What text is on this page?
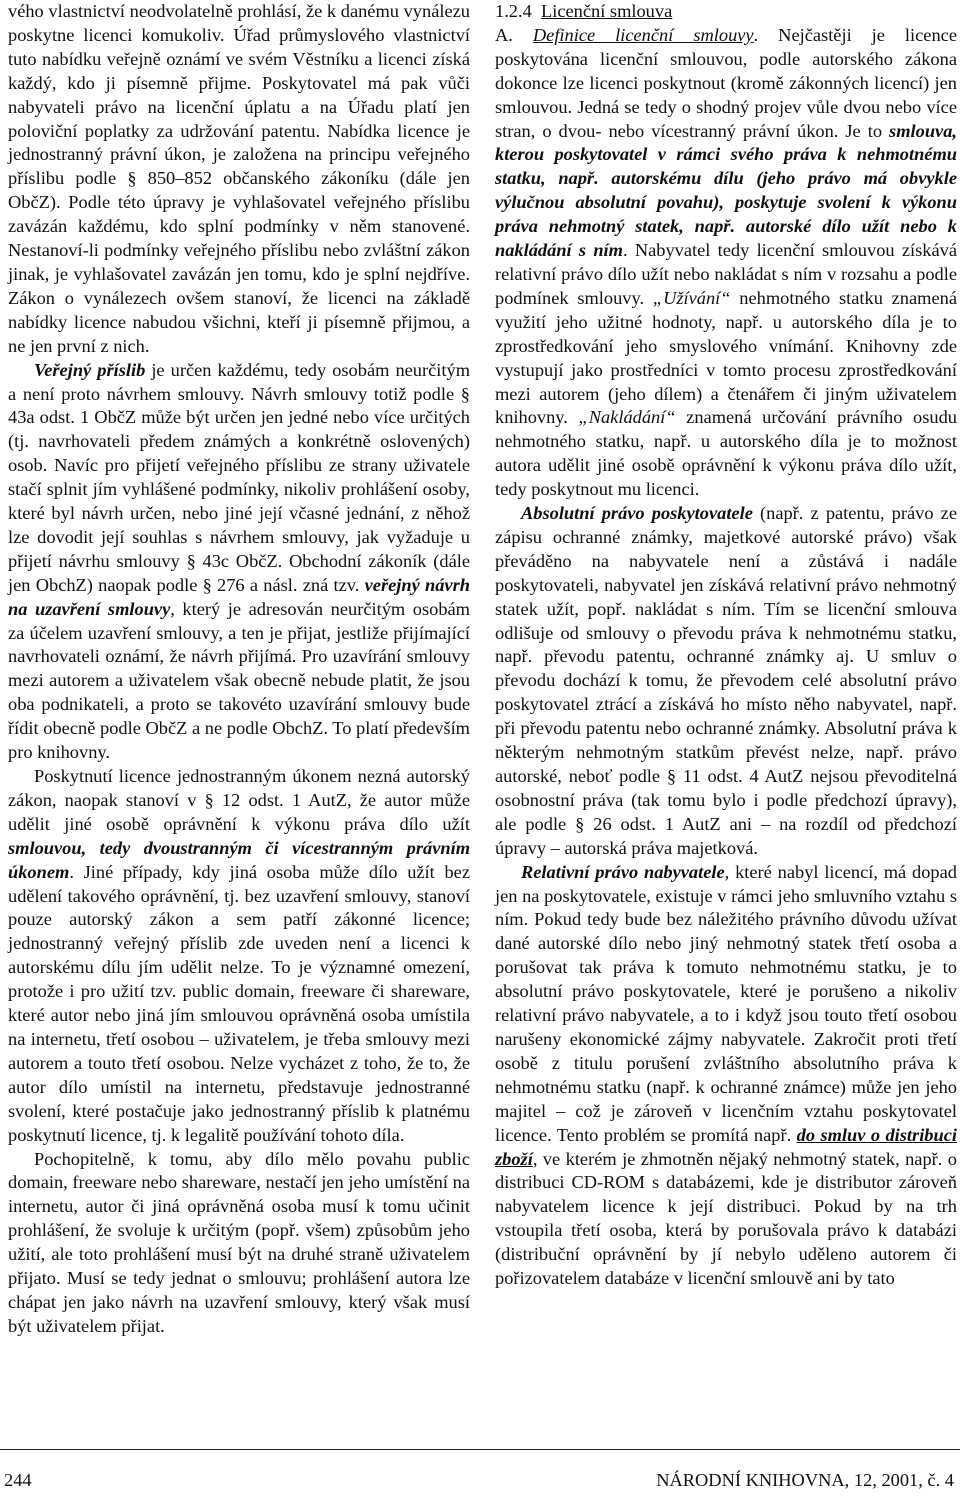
vého vlastnictví neodvolatelně prohlásí, že k danému vynálezu poskytne licenci komukoliv. Úřad průmyslového vlastnictví tuto nabídku veřejně oznámí ve svém Věstníku a licenci získá každý, kdo ji písemně přijme. Poskytovatel má pak vůči nabyvateli právo na licenční úplatu a na Úřadu platí jen poloviční poplatky za udržování patentu. Nabídka licence je jednostranný právní úkon, je založena na principu veřejného příslibu podle § 850–852 občanského zákoníku (dále jen ObčZ). Podle této úpravy je vyhlašovatel veřejného příslibu zavázán každému, kdo splní podmínky v něm stanovené. Nestanoví-li podmínky veřejného příslibu nebo zvláštní zákon jinak, je vyhlašovatel zavázán jen tomu, kdo je splní nejdříve. Zákon o vynálezech ovšem stanoví, že licenci na základě nabídky licence nabudou všichni, kteří ji písemně přijmou, a ne jen první z nich.

Veřejný příslib je určen každému, tedy osobám neurčitým a není proto návrhem smlouvy. Návrh smlouvy totiž podle § 43a odst. 1 ObčZ může být určen jen jedné nebo více určitých (tj. navrhovateli předem známých a konkrétně oslovených) osob. Navíc pro přijetí veřejného příslibu ze strany uživatele stačí splnit jím vyhlášené podmínky, nikoliv prohlášení osoby, které byl návrh určen, nebo jiné její včasné jednání, z něhož lze dovodit její souhlas s návrhem smlouvy, jak vyžaduje u přijetí návrhu smlouvy § 43c ObčZ. Obchodní zákoník (dále jen ObchZ) naopak podle § 276 a násl. zná tzv. veřejný návrh na uzavření smlouvy, který je adresován neurčitým osobám za účelem uzavření smlouvy, a ten je přijat, jestliže přijímající navrhovateli oznámí, že návrh přijímá. Pro uzavírání smlouvy mezi autorem a uživatelem však obecně nebude platit, že jsou oba podnikateli, a proto se takovéto uzavírání smlouvy bude řídit obecně podle ObčZ a ne podle ObchZ. To platí především pro knihovny.

Poskytnutí licence jednostranným úkonem nezná autorský zákon, naopak stanoví v § 12 odst. 1 AutZ, že autor může udělit jiné osobě oprávnění k výkonu práva dílo užít smlouvou, tedy dvoustranným či vícestranným právním úkonem. Jiné případy, kdy jiná osoba může dílo užít bez udělení takového oprávnění, tj. bez uzavření smlouvy, stanoví pouze autorský zákon a sem patří zákonné licence; jednostranný veřejný příslib zde uveden není a licenci k autorskému dílu jím udělit nelze. To je významné omezení, protože i pro užití tzv. public domain, freeware či shareware, které autor nebo jiná jím smlouvou oprávněná osoba umístila na internetu, třetí osobou – uživatelem, je třeba smlouvy mezi autorem a touto třetí osobou. Nelze vycházet z toho, že to, že autor dílo umístil na internetu, představuje jednostranné svolení, které postačuje jako jednostranný příslib k platnému poskytnutí licence, tj. k legalitě používání tohoto díla.

Pochopitelně, k tomu, aby dílo mělo povahu public domain, freeware nebo shareware, nestačí jen jeho umístění na internetu, autor či jiná oprávněná osoba musí k tomu učinit prohlášení, že svoluje k určitým (popř. všem) způsobům jeho užití, ale toto prohlášení musí být na druhé straně uživatelem přijato. Musí se tedy jednat o smlouvu; prohlášení autora lze chápat jen jako návrh na uzavření smlouvy, který však musí být uživatelem přijat.

1.2.4 Licenční smlouva

A. Definice licenční smlouvy. Nejčastěji je licence poskytována licenční smlouvou, podle autorského zákona dokonce lze licenci poskytnout (kromě zákonných licencí) jen smlouvou. Jedná se tedy o shodný projev vůle dvou nebo více stran, o dvou- nebo vícestranný právní úkon. Je to smlouva, kterou poskytovatel v rámci svého práva k nehmotnému statku, např. autorskému dílu (jeho právo má obvykle výlučnou absolutní povahu), poskytuje svolení k výkonu práva nehmotný statek, např. autorské dílo užít nebo k nakládání s ním. Nabyvatel tedy licenční smlouvou získává relativní právo dílo užít nebo nakládat s ním v rozsahu a podle podmínek smlouvy. „Užívání“ nehmotného statku znamená využití jeho užitné hodnoty, např. u autorského díla je to zprostředkování jeho smyslového vnímání. Knihovny zde vystupují jako prostředníci v tomto procesu zprostředkování mezi autorem (jeho dílem) a čtenářem či jiným uživatelem knihovny. „Nakládání“ znamená určování právního osudu nehmotného statku, např. u autorského díla je to možnost autora udělit jiné osobě oprávnění k výkonu práva dílo užít, tedy poskytnout mu licenci.

Absolutní právo poskytovatele (např. z patentu, právo ze zápisu ochranné známky, majetkové autorské právo) však převáděno na nabyvatele není a zůstává i nadále poskytovateli, nabyvatel jen získává relativní právo nehmotný statek užít, popř. nakládat s ním. Tím se licenční smlouva odlišuje od smlouvy o převodu práva k nehmotnému statku, např. převodu patentu, ochranné známky aj. U smluv o převodu dochází k tomu, že převodem celé absolutní právo poskytovatel ztrácí a získává ho místo něho nabyvatel, např. při převodu patentu nebo ochranné známky. Absolutní práva k některým nehmotným statkům převést nelze, např. právo autorské, neboť podle § 11 odst. 4 AutZ nejsou převoditelná osobnostní práva (tak tomu bylo i podle předchozí úpravy), ale podle § 26 odst. 1 AutZ ani – na rozdíl od předchozí úpravy – autorská práva majetková.

Relativní právo nabyvatele, které nabyl licencí, má dopad jen na poskytovatele, existuje v rámci jeho smluvního vztahu s ním. Pokud tedy bude bez náležitého právního důvodu užívat dané autorské dílo nebo jiný nehmotný statek třetí osoba a porušovat tak práva k tomuto nehmotnému statku, je to absolutní právo poskytovatele, které je porušeno a nikoliv relativní právo nabyvatele, a to i když jsou touto třetí osobou narušeny ekonomické zájmy nabyvatele. Zakročit proti třetí osobě z titulu porušení zvláštního absolutního práva k nehmotnému statku (např. k ochranné známce) může jen jeho majitel – což je zároveň v licenčním vztahu poskytovatel licence. Tento problém se promítá např. do smluv o distribuci zboží, ve kterém je zhmotněn nějaký nehmotný statek, např. o distribuci CD-ROM s databázemi, kde je distributor zároveň nabyvatelem licence k její distribuci. Pokud by na trh vstoupila třetí osoba, která by porušovala právo k databázi (distribuční oprávnění by jí nebylo uděleno autorem či pořizovatelem databáze v licenční smlouvě ani by tato

244	NÁRODNÍ KNIHOVNA, 12, 2001, č. 4
